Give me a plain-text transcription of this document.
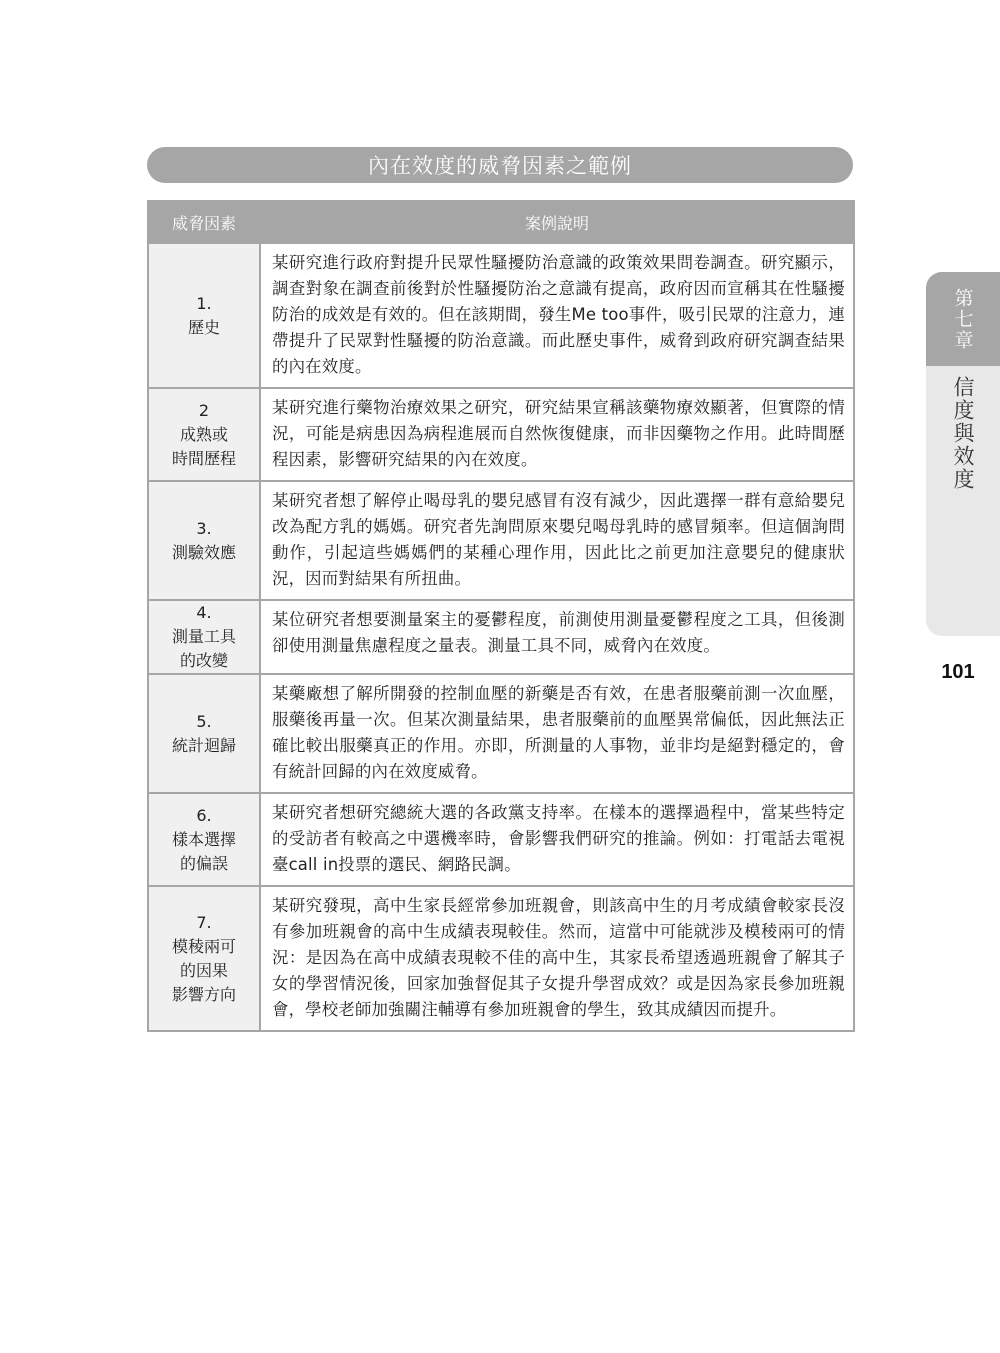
內在效度的威脅因素之範例
威脅因素	案例說明

1.
歷史	某研究進行政府對提升民眾性騷擾防治意識的政策效果問卷調查。研究顯示，調查對象在調查前後對於性騷擾防治之意識有提高，政府因而宣稱其在性騷擾防治的成效是有效的。但在該期間，發生Me too事件，吸引民眾的注意力，連帶提升了民眾對性騷擾的防治意識。而此歷史事件，威脅到政府研究調查結果的內在效度。

2
成熟或
時間歷程	某研究進行藥物治療效果之研究，研究結果宣稱該藥物療效顯著，但實際的情況，可能是病患因為病程進展而自然恢復健康，而非因藥物之作用。此時間歷程因素，影響研究結果的內在效度。

3.
測驗效應	某研究者想了解停止喝母乳的嬰兒感冒有沒有減少，因此選擇一群有意給嬰兒改為配方乳的媽媽。研究者先詢問原來嬰兒喝母乳時的感冒頻率。但這個詢問動作，引起這些媽媽們的某種心理作用，因此比之前更加注意嬰兒的健康狀況，因而對結果有所扭曲。

4.
測量工具
的改變	某位研究者想要測量案主的憂鬱程度，前測使用測量憂鬱程度之工具，但後測卻使用測量焦慮程度之量表。測量工具不同，威脅內在效度。

5.
統計迴歸	某藥廠想了解所開發的控制血壓的新藥是否有效，在患者服藥前測一次血壓，服藥後再量一次。但某次測量結果，患者服藥前的血壓異常偏低，因此無法正確比較出服藥真正的作用。亦即，所測量的人事物，並非均是絕對穩定的，會有統計回歸的內在效度威脅。

6.
樣本選擇
的偏誤	某研究者想研究總統大選的各政黨支持率。在樣本的選擇過程中，當某些特定的受訪者有較高之中選機率時，會影響我們研究的推論。例如：打電話去電視臺call in投票的選民、網路民調。

7.
模稜兩可
的因果
影響方向	某研究發現，高中生家長經常參加班親會，則該高中生的月考成績會較家長沒有參加班親會的高中生成績表現較佳。然而，這當中可能就涉及模稜兩可的情況：是因為在高中成績表現較不佳的高中生，其家長希望透過班親會了解其子女的學習情況後，回家加強督促其子女提升學習成效？或是因為家長參加班親會，學校老師加強關注輔導有參加班親會的學生，致其成績因而提升。
第七章
信度與效度
101
